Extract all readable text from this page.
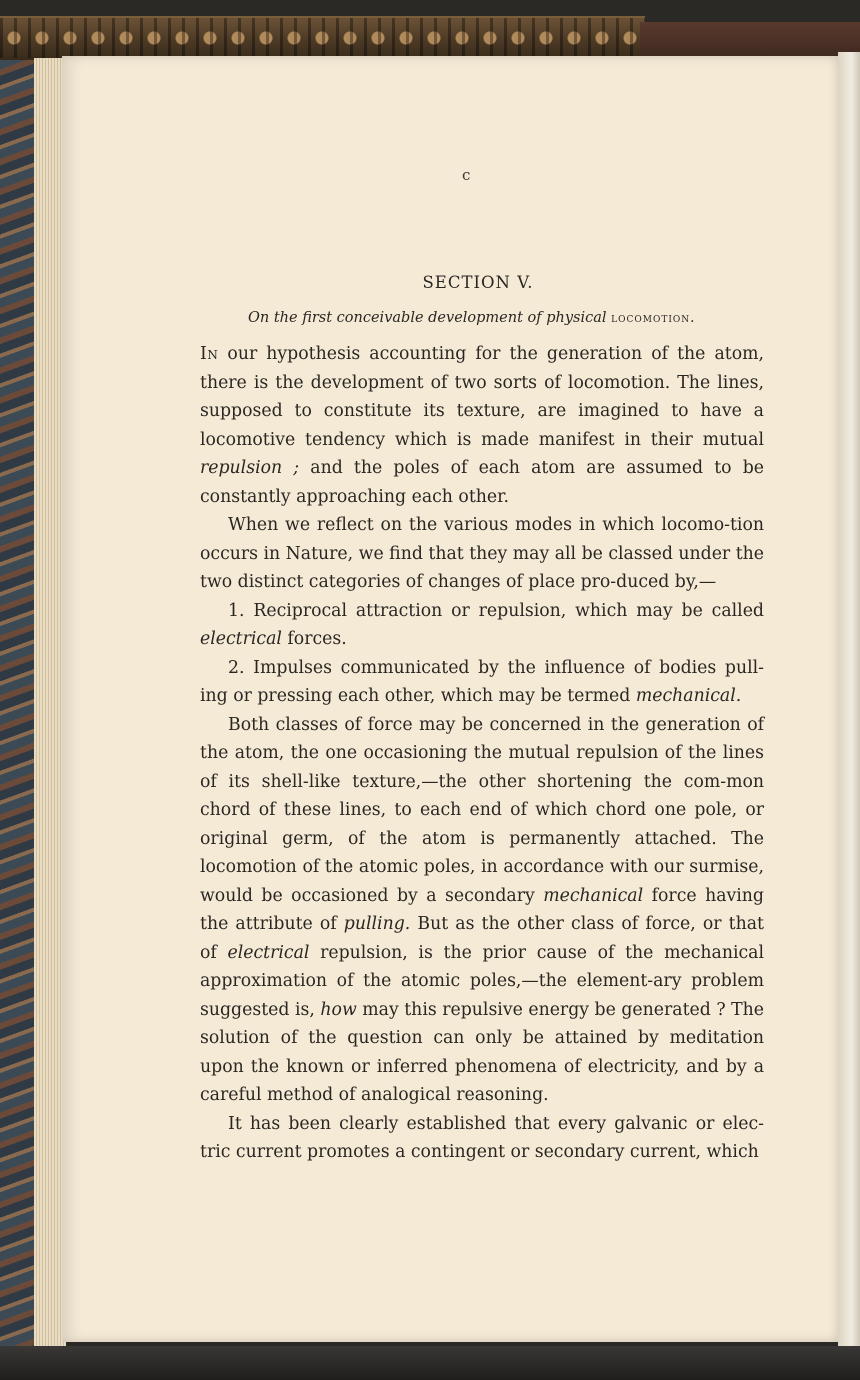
c
SECTION V.
On the first conceivable development of physical locomotion.

In our hypothesis accounting for the generation of the atom, there is the development of two sorts of locomotion. The lines, supposed to constitute its texture, are imagined to have a locomotive tendency which is made manifest in their mutual repulsion ; and the poles of each atom are assumed to be constantly approaching each other.

When we reflect on the various modes in which locomo-tion occurs in Nature, we find that they may all be classed under the two distinct categories of changes of place pro-duced by,—

1. Reciprocal attraction or repulsion, which may be called electrical forces.

2. Impulses communicated by the influence of bodies pull-ing or pressing each other, which may be termed mechanical.

Both classes of force may be concerned in the generation of the atom, the one occasioning the mutual repulsion of the lines of its shell-like texture,—the other shortening the com-mon chord of these lines, to each end of which chord one pole, or original germ, of the atom is permanently attached. The locomotion of the atomic poles, in accordance with our surmise, would be occasioned by a secondary mechanical force having the attribute of pulling. But as the other class of force, or that of electrical repulsion, is the prior cause of the mechanical approximation of the atomic poles,—the element-ary problem suggested is, how may this repulsive energy be generated ? The solution of the question can only be attained by meditation upon the known or inferred phenomena of electricity, and by a careful method of analogical reasoning.

It has been clearly established that every galvanic or elec-tric current promotes a contingent or secondary current, which
